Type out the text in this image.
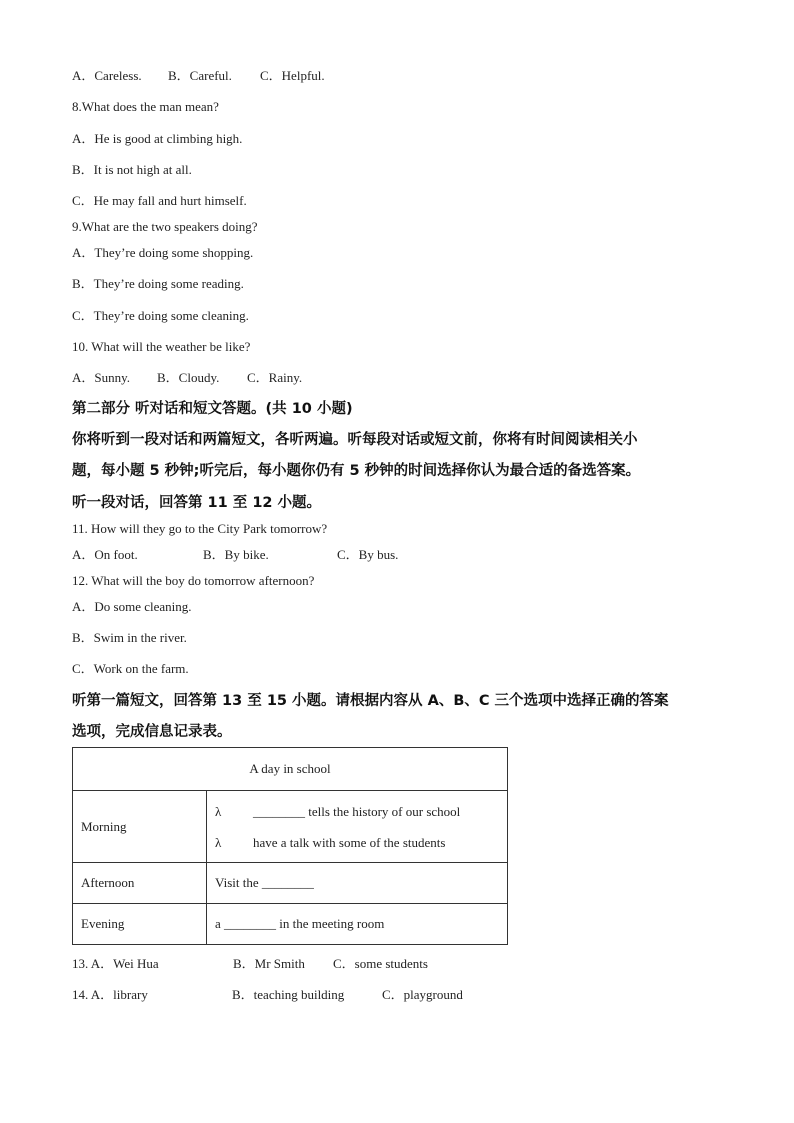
A．Careless. B．Careful. C．Helpful.
8.What does the man mean?
A．He is good at climbing high.
B．It is not high at all.
C．He may fall and hurt himself.
9.What are the two speakers doing?
A．They’re doing some shopping.
B．They’re doing some reading.
C．They’re doing some cleaning.
10. What will the weather be like?
A．Sunny. B．Cloudy. C．Rainy.
第二部分 听对话和短文答题。(共 10 小题)
你将听到一段对话和两篇短文，各听两遍。听每段对话或短文前，你将有时间阅读相关小
题，每小题 5 秒钟;听完后，每小题你仍有 5 秒钟的时间选择你认为最合适的备选答案。
听一段对话，回答第 11 至 12 小题。
11. How will they go to the City Park tomorrow?
A．On foot.	B．By bike.	C．By bus.
12. What will the boy do tomorrow afternoon?
A．Do some cleaning.
B．Swim in the river.
C．Work on the farm.
听第一篇短文，回答第 13 至 15 小题。请根据内容从 A、B、C 三个选项中选择正确的答案
选项，完成信息记录表。
A day in school	
Morning	λ ________ tells the history of our school
λ have a talk with some of the students

Afternoon	Visit the ________
Evening	a ________ in the meeting room
13. A．Wei Hua	B．Mr Smith C．some students
14. A．library	B．teaching building	C．playground
